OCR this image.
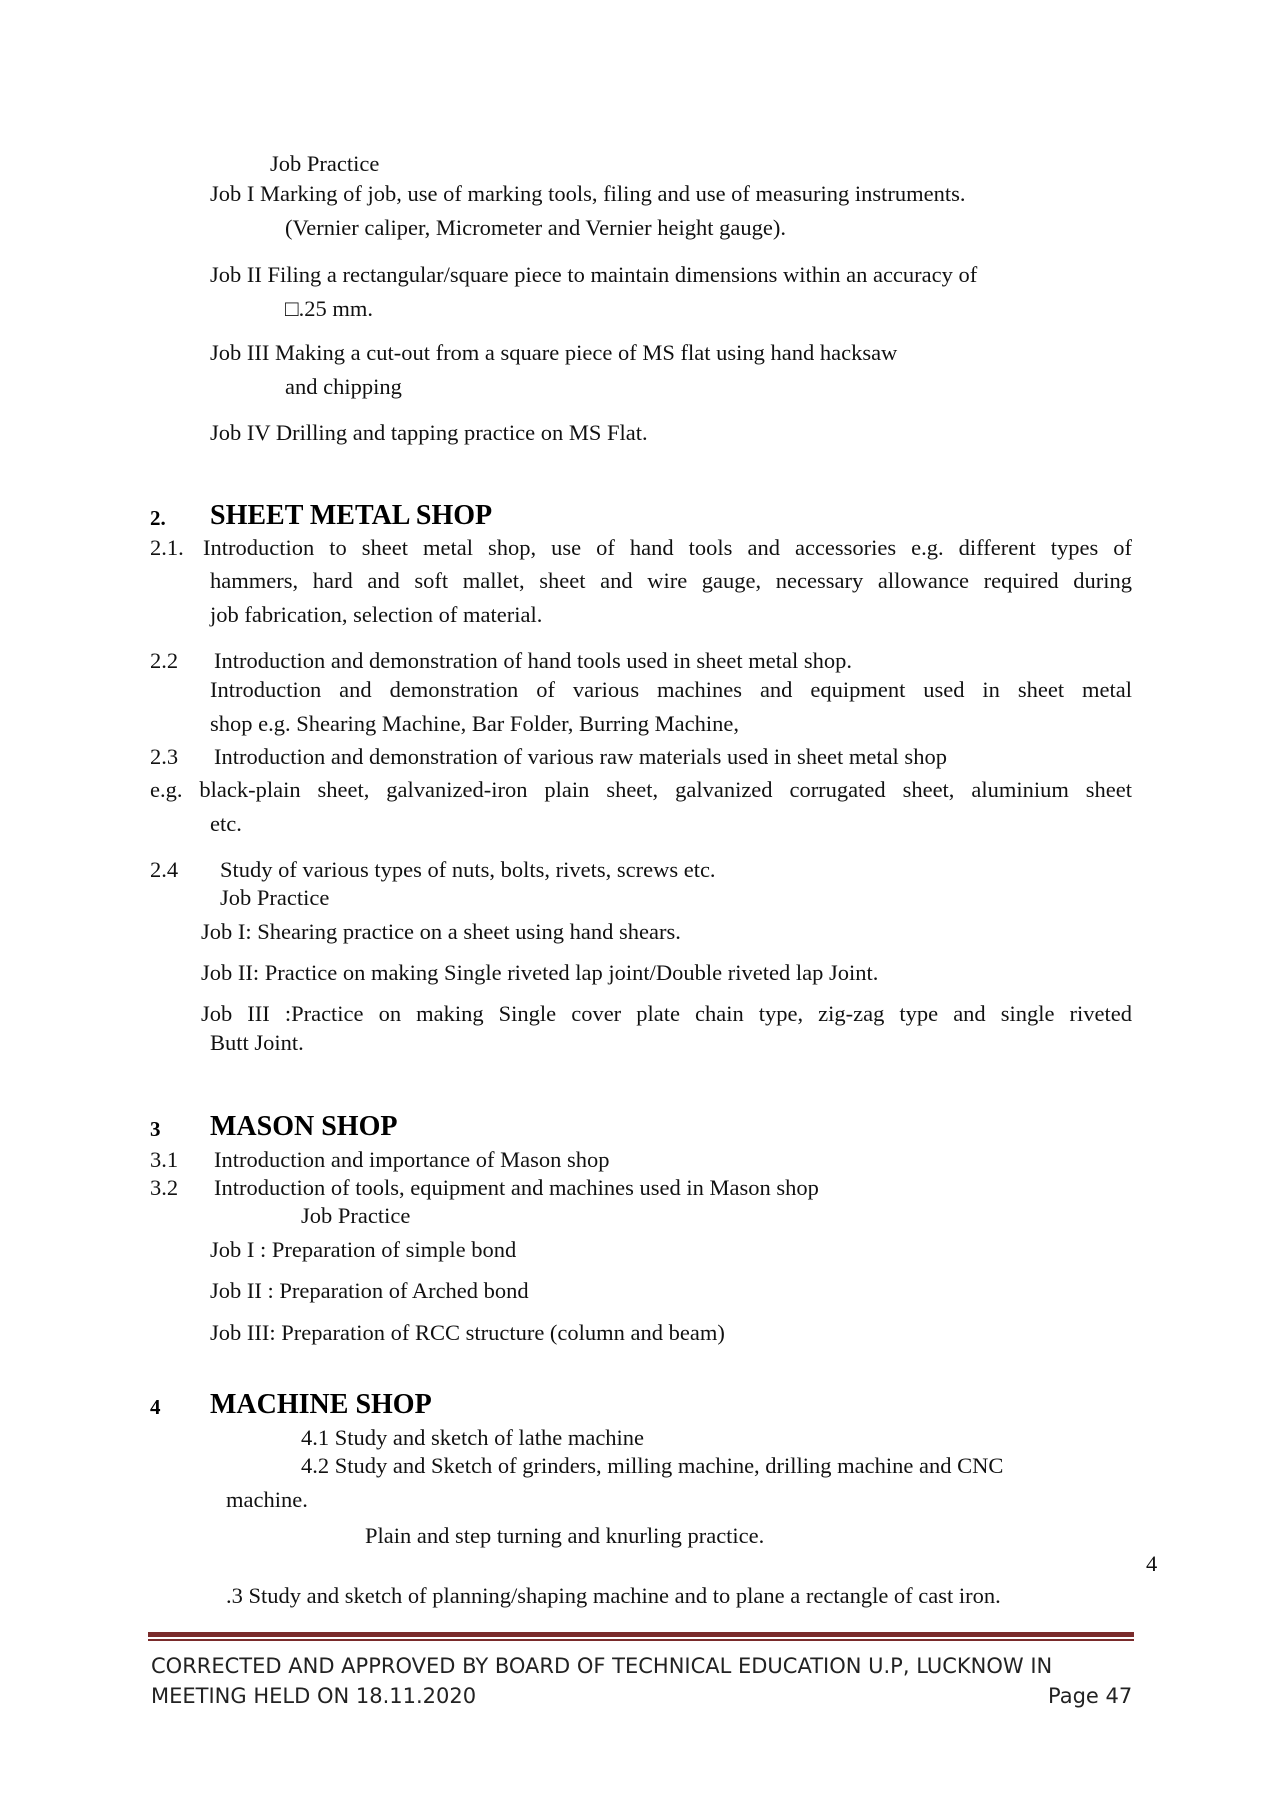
Job Practice
Job I Marking of job, use of marking tools, filing and use of measuring instruments.
(Vernier caliper, Micrometer and Vernier height gauge).
Job II Filing a rectangular/square piece to maintain dimensions within an accuracy of
□.25 mm.
Job III Making a cut-out from a square piece of MS flat using hand hacksaw
and chipping
Job IV Drilling and tapping practice on MS Flat.
2. SHEET METAL SHOP
2.1. Introduction to sheet metal shop, use of hand tools and accessories e.g. different types of
hammers, hard and soft mallet, sheet and wire gauge, necessary allowance required during
job fabrication, selection of material.
2.2 Introduction and demonstration of hand tools used in sheet metal shop.
Introduction and demonstration of various machines and equipment used in sheet metal
shop e.g. Shearing Machine, Bar Folder, Burring Machine,
2.3 Introduction and demonstration of various raw materials used in sheet metal shop
e.g. black-plain sheet, galvanized-iron plain sheet, galvanized corrugated sheet, aluminium sheet
etc.
2.4 Study of various types of nuts, bolts, rivets, screws etc.
Job Practice
Job I: Shearing practice on a sheet using hand shears.
Job II: Practice on making Single riveted lap joint/Double riveted lap Joint.
Job III :Practice on making Single cover plate chain type, zig-zag type and single riveted
Butt Joint.
3 MASON SHOP
3.1 Introduction and importance of Mason shop
3.2 Introduction of tools, equipment and machines used in Mason shop
Job Practice
Job I : Preparation of simple bond
Job II : Preparation of Arched bond
Job III: Preparation of RCC structure (column and beam)
4 MACHINE SHOP
4.1 Study and sketch of lathe machine
4.2 Study and Sketch of grinders, milling machine, drilling machine and CNC
machine.
Plain and step turning and knurling practice.
4
.3 Study and sketch of planning/shaping machine and to plane a rectangle of cast iron.
CORRECTED AND APPROVED BY BOARD OF TECHNICAL EDUCATION U.P, LUCKNOW IN
MEETING HELD ON 18.11.2020	Page 47
